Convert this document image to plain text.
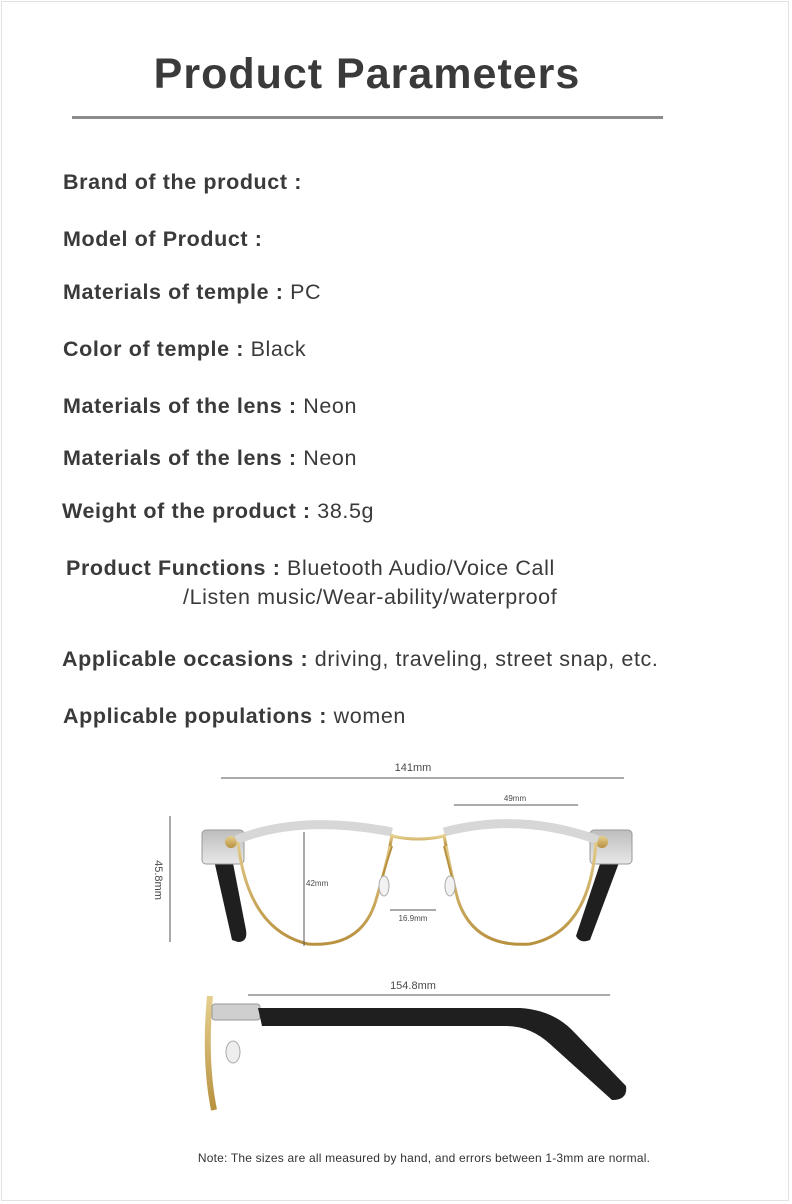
Product Parameters
Brand of the product :
Model of Product :
Materials of temple : PC
Color of temple : Black
Materials of the lens : Neon
Materials of the lens : Neon
Weight of the product : 38.5g
Product Functions : Bluetooth Audio/Voice Call
/Listen music/Wear-ability/waterproof
Applicable occasions : driving, traveling, street snap, etc.
Applicable populations : women
141mm
49mm
45.8mm	42mm
16.9mm
154.8mm
Note: The sizes are all measured by hand, and errors between 1-3mm are normal.
